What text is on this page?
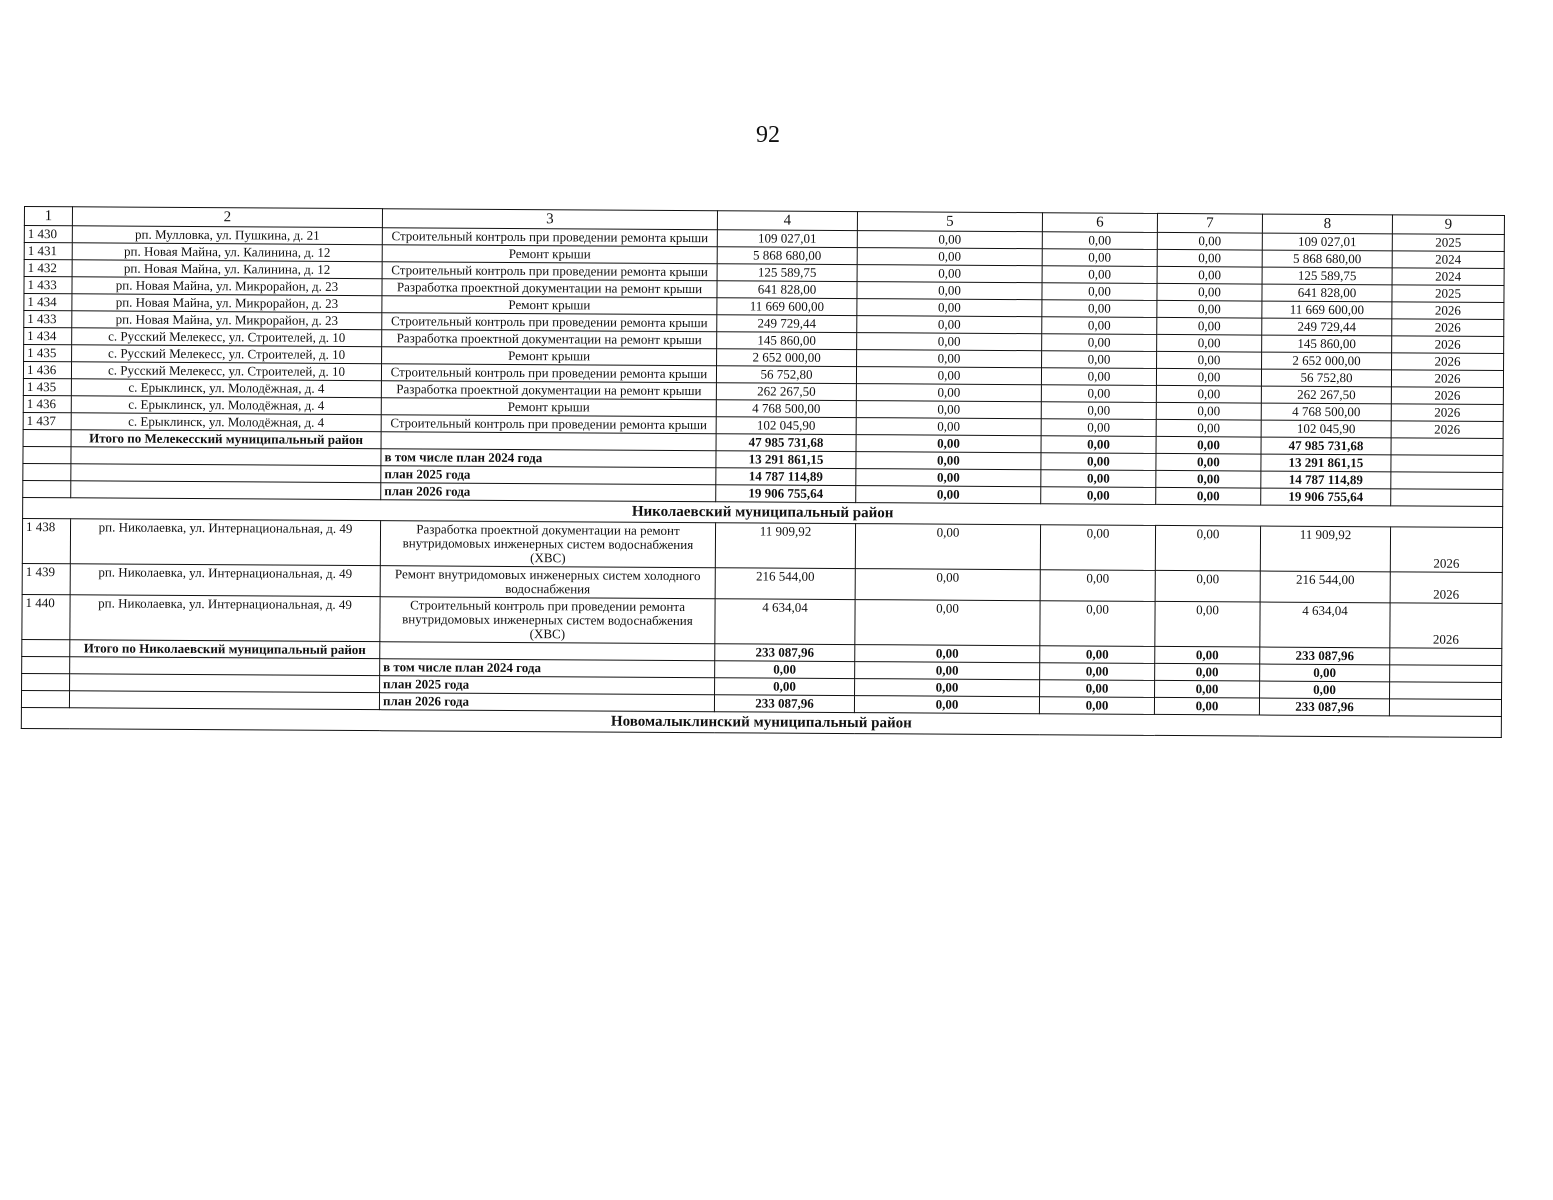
92
1	2	3	4	5	6	7	8	9
1 430	рп. Мулловка, ул. Пушкина, д. 21	Строительный контроль при проведении ремонта крыши	109 027,01	0,00	0,00	0,00	109 027,01	2025
1 431	рп. Новая Майна, ул. Калинина, д. 12	Ремонт крыши	5 868 680,00	0,00	0,00	0,00	5 868 680,00	2024
1 432	рп. Новая Майна, ул. Калинина, д. 12	Строительный контроль при проведении ремонта крыши	125 589,75	0,00	0,00	0,00	125 589,75	2024
1 433	рп. Новая Майна, ул. Микрорайон, д. 23	Разработка проектной документации на ремонт крыши	641 828,00	0,00	0,00	0,00	641 828,00	2025
1 434	рп. Новая Майна, ул. Микрорайон, д. 23	Ремонт крыши	11 669 600,00	0,00	0,00	0,00	11 669 600,00	2026
1 433	рп. Новая Майна, ул. Микрорайон, д. 23	Строительный контроль при проведении ремонта крыши	249 729,44	0,00	0,00	0,00	249 729,44	2026
1 434	с. Русский Мелекесс, ул. Строителей, д. 10	Разработка проектной документации на ремонт крыши	145 860,00	0,00	0,00	0,00	145 860,00	2026
1 435	с. Русский Мелекесс, ул. Строителей, д. 10	Ремонт крыши	2 652 000,00	0,00	0,00	0,00	2 652 000,00	2026
1 436	с. Русский Мелекесс, ул. Строителей, д. 10	Строительный контроль при проведении ремонта крыши	56 752,80	0,00	0,00	0,00	56 752,80	2026
1 435	с. Ерыклинск, ул. Молодёжная, д. 4	Разработка проектной документации на ремонт крыши	262 267,50	0,00	0,00	0,00	262 267,50	2026
1 436	с. Ерыклинск, ул. Молодёжная, д. 4	Ремонт крыши	4 768 500,00	0,00	0,00	0,00	4 768 500,00	2026
1 437	с. Ерыклинск, ул. Молодёжная, д. 4	Строительный контроль при проведении ремонта крыши	102 045,90	0,00	0,00	0,00	102 045,90	2026
	Итого по Мелекесский муниципальный район		47 985 731,68	0,00	0,00	0,00	47 985 731,68	
		в том числе план 2024 года	13 291 861,15	0,00	0,00	0,00	13 291 861,15	
		план 2025 года	14 787 114,89	0,00	0,00	0,00	14 787 114,89	
		план 2026 года	19 906 755,64	0,00	0,00	0,00	19 906 755,64	
Николаевский муниципальный район								
1 438	рп. Николаевка, ул. Интернациональная, д. 49	Разработка проектной документации на ремонт внутридомовых инженерных систем водоснабжения (ХВС)	11 909,92	0,00	0,00	0,00	11 909,92	2026
1 439	рп. Николаевка, ул. Интернациональная, д. 49	Ремонт внутридомовых инженерных систем холодного водоснабжения	216 544,00	0,00	0,00	0,00	216 544,00	2026
1 440	рп. Николаевка, ул. Интернациональная, д. 49	Строительный контроль при проведении ремонта внутридомовых инженерных систем водоснабжения (ХВС)	4 634,04	0,00	0,00	0,00	4 634,04	2026
	Итого по Николаевский муниципальный район		233 087,96	0,00	0,00	0,00	233 087,96	
		в том числе план 2024 года	0,00	0,00	0,00	0,00	0,00	
		план 2025 года	0,00	0,00	0,00	0,00	0,00	
		план 2026 года	233 087,96	0,00	0,00	0,00	233 087,96	
Новомалыклинский муниципальный район								
